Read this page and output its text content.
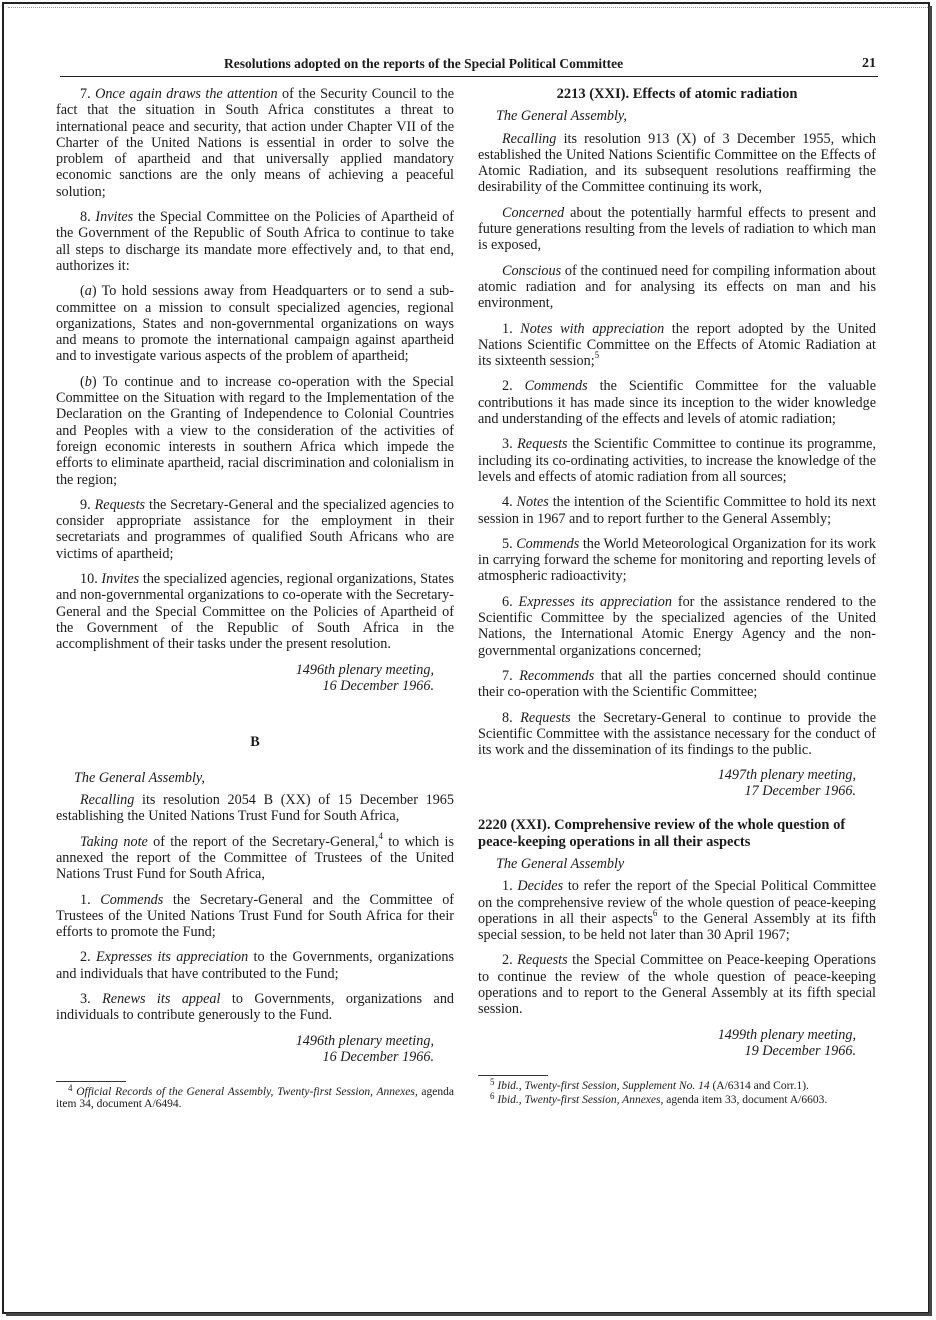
Resolutions adopted on the reports of the Special Political Committee	21

7. Once again draws the attention of the Security Council to the fact that the situation in South Africa constitutes a threat to international peace and security, that action under Chapter VII of the Charter of the United Nations is essential in order to solve the problem of apartheid and that universally applied mandatory economic sanctions are the only means of achieving a peaceful solution;

8. Invites the Special Committee on the Policies of Apartheid of the Government of the Republic of South Africa to continue to take all steps to discharge its mandate more effectively and, to that end, authorizes it:

(a) To hold sessions away from Headquarters or to send a sub-committee on a mission to consult specialized agencies, regional organizations, States and non-governmental organizations on ways and means to promote the international campaign against apartheid and to investigate various aspects of the problem of apartheid;

(b) To continue and to increase co-operation with the Special Committee on the Situation with regard to the Implementation of the Declaration on the Granting of Independence to Colonial Countries and Peoples with a view to the consideration of the activities of foreign economic interests in southern Africa which impede the efforts to eliminate apartheid, racial discrimination and colonialism in the region;

9. Requests the Secretary-General and the specialized agencies to consider appropriate assistance for the employment in their secretariats and programmes of qualified South Africans who are victims of apartheid;

10. Invites the specialized agencies, regional organizations, States and non-governmental organizations to co-operate with the Secretary-General and the Special Committee on the Policies of Apartheid of the Government of the Republic of South Africa in the accomplishment of their tasks under the present resolution.

1496th plenary meeting,
16 December 1966.

B

The General Assembly,

Recalling its resolution 2054 B (XX) of 15 December 1965 establishing the United Nations Trust Fund for South Africa,

Taking note of the report of the Secretary-General,$^4$ to which is annexed the report of the Committee of Trustees of the United Nations Trust Fund for South Africa,

1. Commends the Secretary-General and the Committee of Trustees of the United Nations Trust Fund for South Africa for their efforts to promote the Fund;

2. Expresses its appreciation to the Governments, organizations and individuals that have contributed to the Fund;

3. Renews its appeal to Governments, organizations and individuals to contribute generously to the Fund.

1496th plenary meeting,
16 December 1966.

$^4$ Official Records of the General Assembly, Twenty-first Session, Annexes, agenda item 34, document A/6494.

2213 (XXI). Effects of atomic radiation

The General Assembly,

Recalling its resolution 913 (X) of 3 December 1955, which established the United Nations Scientific Committee on the Effects of Atomic Radiation, and its subsequent resolutions reaffirming the desirability of the Committee continuing its work,

Concerned about the potentially harmful effects to present and future generations resulting from the levels of radiation to which man is exposed,

Conscious of the continued need for compiling information about atomic radiation and for analysing its effects on man and his environment,

1. Notes with appreciation the report adopted by the United Nations Scientific Committee on the Effects of Atomic Radiation at its sixteenth session;$^5$

2. Commends the Scientific Committee for the valuable contributions it has made since its inception to the wider knowledge and understanding of the effects and levels of atomic radiation;

3. Requests the Scientific Committee to continue its programme, including its co-ordinating activities, to increase the knowledge of the levels and effects of atomic radiation from all sources;

4. Notes the intention of the Scientific Committee to hold its next session in 1967 and to report further to the General Assembly;

5. Commends the World Meteorological Organization for its work in carrying forward the scheme for monitoring and reporting levels of atmospheric radioactivity;

6. Expresses its appreciation for the assistance rendered to the Scientific Committee by the specialized agencies of the United Nations, the International Atomic Energy Agency and the non-governmental organizations concerned;

7. Recommends that all the parties concerned should continue their co-operation with the Scientific Committee;

8. Requests the Secretary-General to continue to provide the Scientific Committee with the assistance necessary for the conduct of its work and the dissemination of its findings to the public.

1497th plenary meeting,
17 December 1966.

2220 (XXI). Comprehensive review of the whole question of peace-keeping operations in all their aspects

The General Assembly

1. Decides to refer the report of the Special Political Committee on the comprehensive review of the whole question of peace-keeping operations in all their aspects$^6$ to the General Assembly at its fifth special session, to be held not later than 30 April 1967;

2. Requests the Special Committee on Peace-keeping Operations to continue the review of the whole question of peace-keeping operations and to report to the General Assembly at its fifth special session.

1499th plenary meeting,
19 December 1966.

$^5$ Ibid., Twenty-first Session, Supplement No. 14 (A/6314 and Corr.1).

$^6$ Ibid., Twenty-first Session, Annexes, agenda item 33, document A/6603.
